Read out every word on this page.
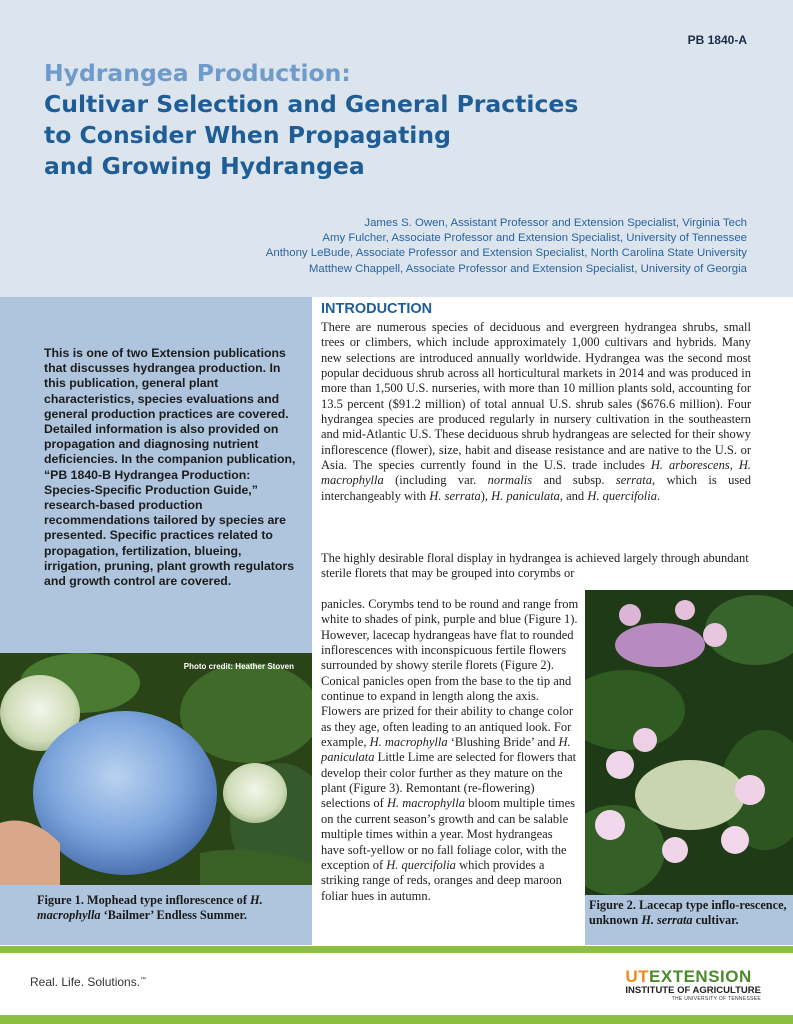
PB 1840-A
Hydrangea Production:
Cultivar Selection and General Practices
to Consider When Propagating
and Growing Hydrangea
James S. Owen, Assistant Professor and Extension Specialist, Virginia Tech
Amy Fulcher, Associate Professor and Extension Specialist, University of Tennessee
Anthony LeBude, Associate Professor and Extension Specialist, North Carolina State University
Matthew Chappell, Associate Professor and Extension Specialist, University of Georgia

This is one of two Extension publications that discusses hydrangea production. In this publication, general plant characteristics, species evaluations and general production practices are covered. Detailed information is also provided on propagation and diagnosing nutrient deficiencies. In the companion publication, “PB 1840-B Hydrangea Production: Species-Specific Production Guide,” research-based production recommendations tailored by species are presented. Specific practices related to propagation, fertilization, blueing, irrigation, pruning, plant growth regulators and growth control are covered.

Photo credit: Heather Stoven
Figure 1. Mophead type inflorescence of H. macrophylla ‘Bailmer’ Endless Summer.
INTRODUCTION

There are numerous species of deciduous and evergreen hydrangea shrubs, small trees or climbers, which include approximately 1,000 cultivars and hybrids. Many new selections are introduced annually worldwide. Hydrangea was the second most popular deciduous shrub across all horticultural markets in 2014 and was produced in more than 1,500 U.S. nurseries, with more than 10 million plants sold, accounting for 13.5 percent ($91.2 million) of total annual U.S. shrub sales ($676.6 million). Four hydrangea species are produced regularly in nursery cultivation in the southeastern and mid-Atlantic U.S. These deciduous shrub hydrangeas are selected for their showy inflorescence (flower), size, habit and disease resistance and are native to the U.S. or Asia. The species currently found in the U.S. trade includes H. arborescens, H. macrophylla (including var. normalis and subsp. serrata, which is used interchangeably with H. serrata), H. paniculata, and H. quercifolia.

The highly desirable floral display in hydrangea is achieved largely through abundant sterile florets that may be grouped into corymbs or

panicles. Corymbs tend to be round and range from white to shades of pink, purple and blue (Figure 1). However, lacecap hydrangeas have flat to rounded inflorescences with inconspicuous fertile flowers surrounded by showy sterile florets (Figure 2). Conical panicles open from the base to the tip and continue to expand in length along the axis. Flowers are prized for their ability to change color as they age, often leading to an antiqued look. For example, H. macrophylla ‘Blushing Bride’ and H. paniculata Little Lime are selected for flowers that develop their color further as they mature on the plant (Figure 3). Remontant (re-flowering) selections of H. macrophylla bloom multiple times on the current season’s growth and can be salable multiple times within a year. Most hydrangeas have soft-yellow or no fall foliage color, with the exception of H. quercifolia which provides a striking range of reds, oranges and deep maroon foliar hues in autumn.

Figure 2. Lacecap type inflo-rescence, unknown H. serrata cultivar.
Real. Life. Solutions.™	UTEXTENSION
INSTITUTE OF AGRICULTURE
THE UNIVERSITY OF TENNESSEE
